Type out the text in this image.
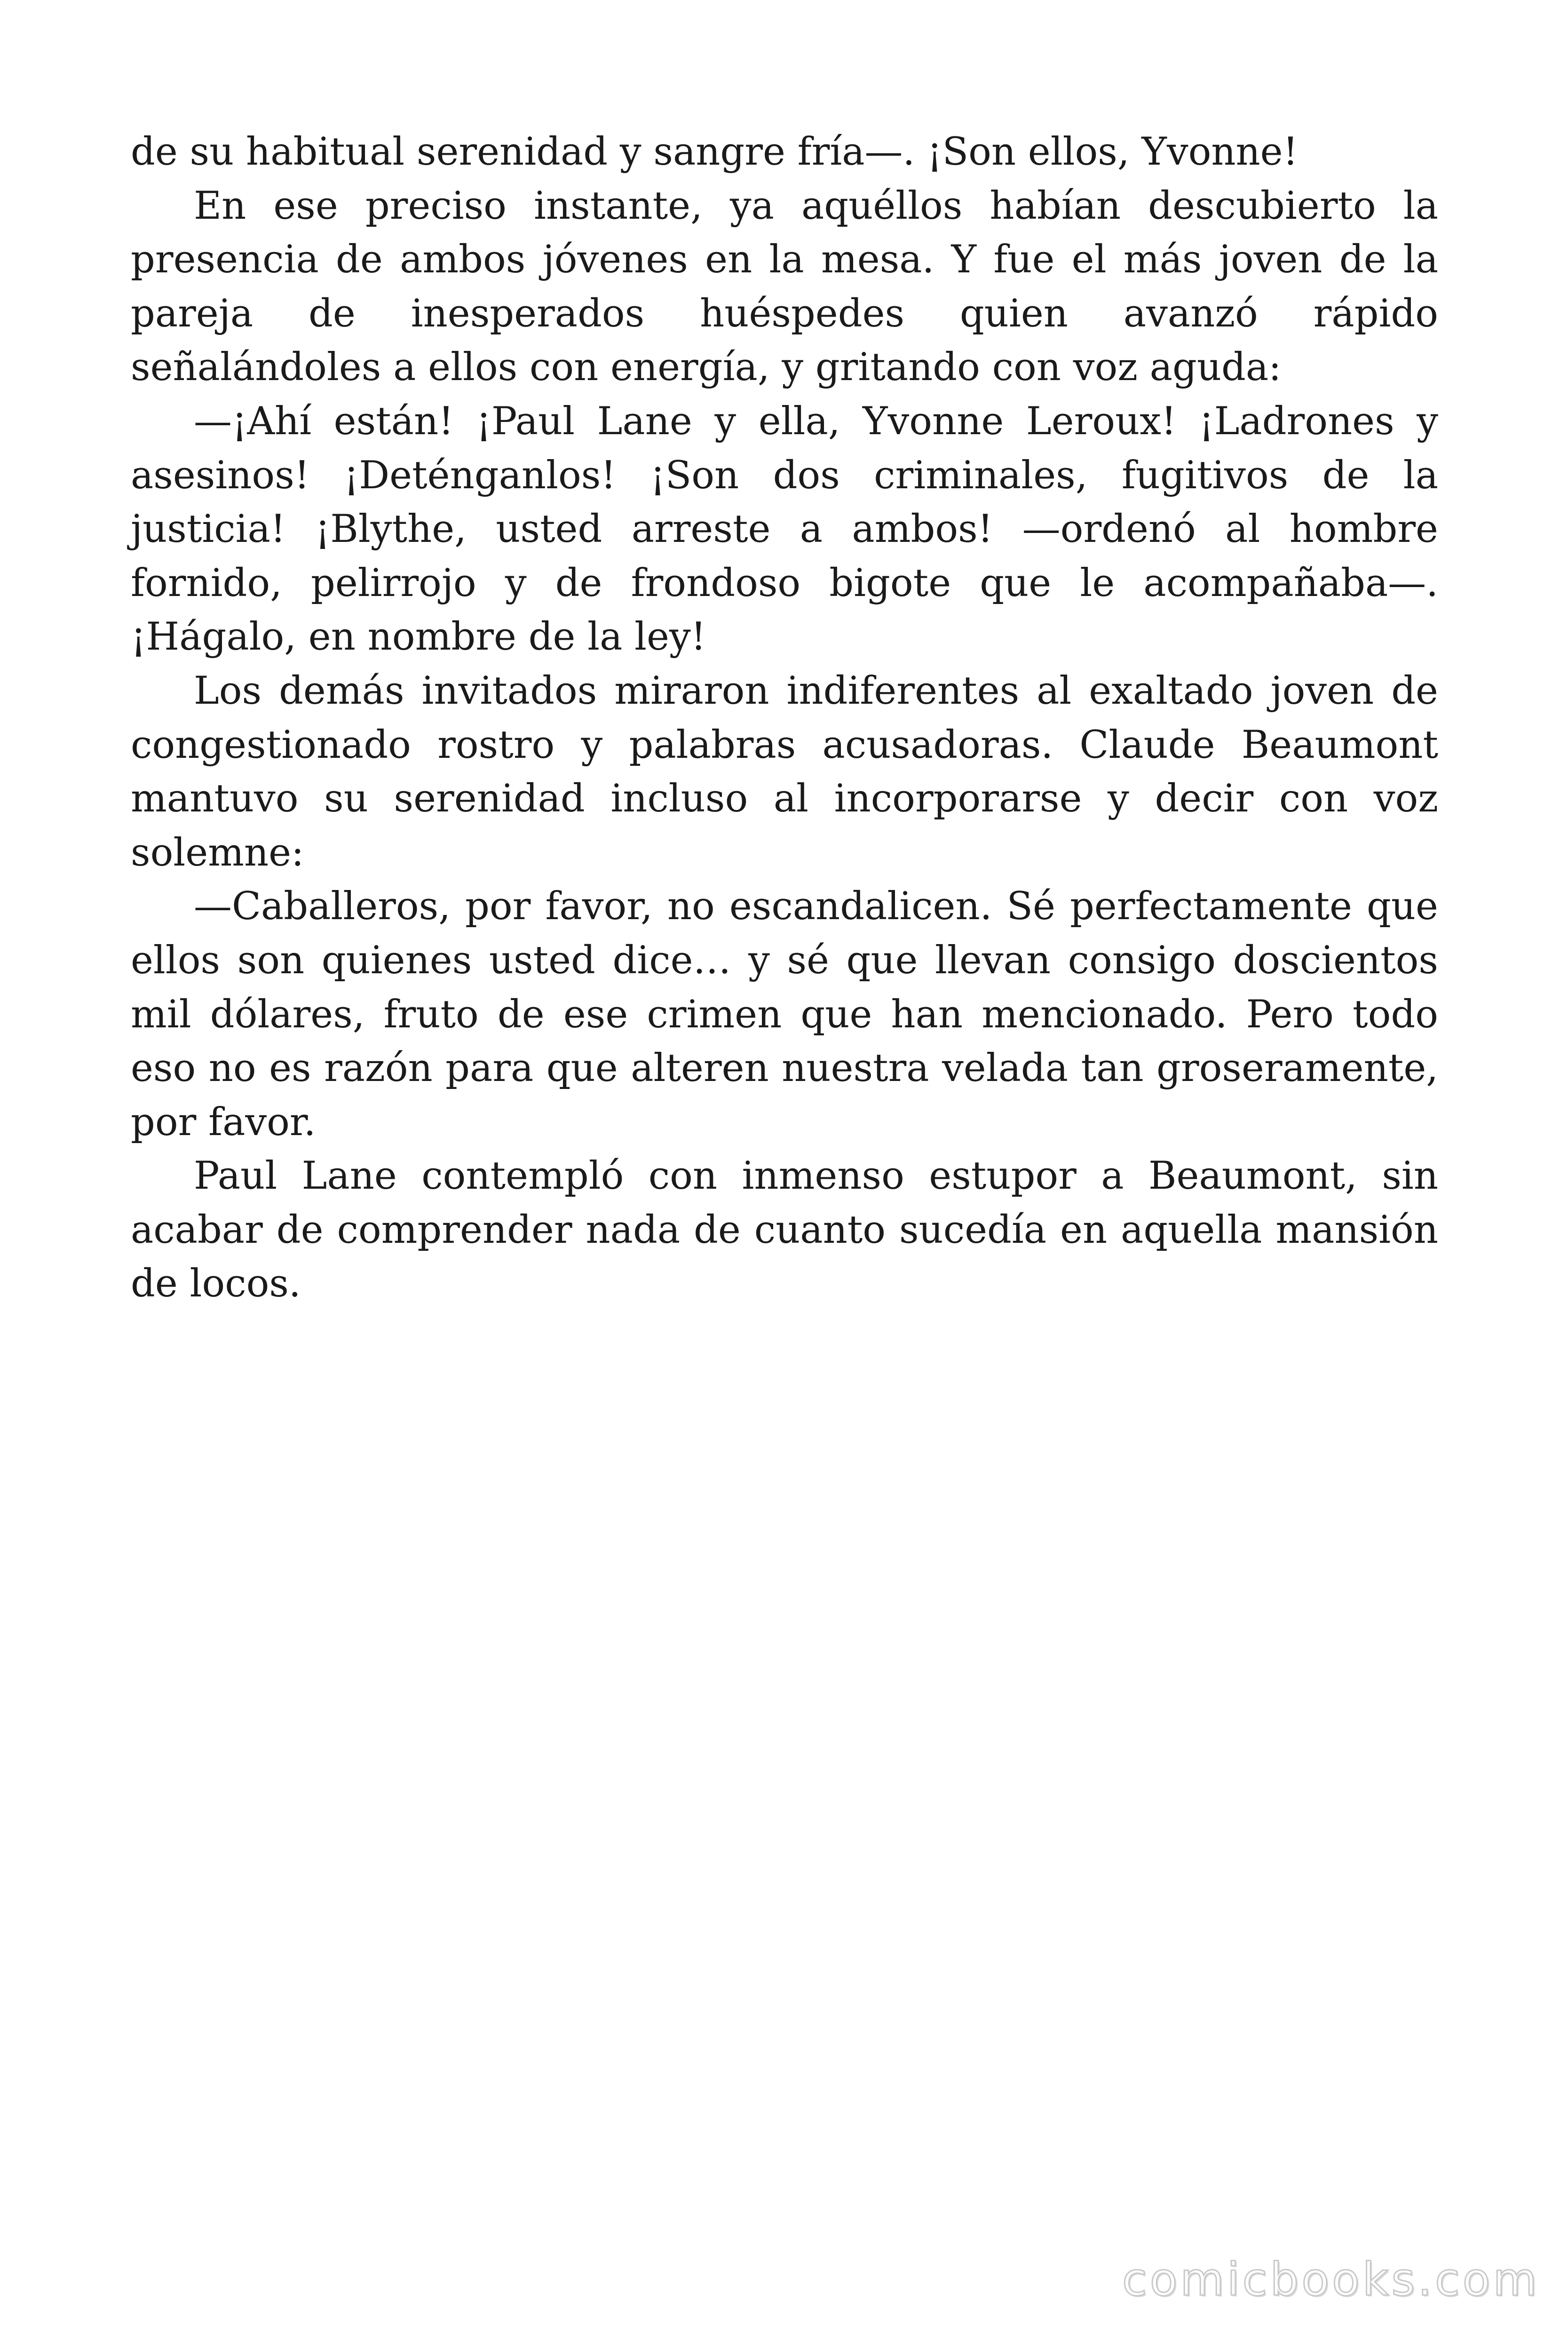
de su habitual serenidad y sangre fría—. ¡Son ellos, Yvonne!

En ese preciso instante, ya aquéllos habían descubierto la presencia de ambos jóvenes en la mesa. Y fue el más joven de la pareja de inesperados huéspedes quien avanzó rápido señalándoles a ellos con energía, y gritando con voz aguda:

—¡Ahí están! ¡Paul Lane y ella, Yvonne Leroux! ¡Ladrones y asesinos! ¡Deténganlos! ¡Son dos criminales, fugitivos de la justicia! ¡Blythe, usted arreste a ambos! —ordenó al hombre fornido, pelirrojo y de frondoso bigote que le acompañaba—. ¡Hágalo, en nombre de la ley!

Los demás invitados miraron indiferentes al exaltado joven de congestionado rostro y palabras acusadoras. Claude Beaumont mantuvo su serenidad incluso al incorporarse y decir con voz solemne:

—Caballeros, por favor, no escandalicen. Sé perfectamente que ellos son quienes usted dice… y sé que llevan consigo doscientos mil dólares, fruto de ese crimen que han mencionado. Pero todo eso no es razón para que alteren nuestra velada tan groseramente, por favor.

Paul Lane contempló con inmenso estupor a Beaumont, sin acabar de comprender nada de cuanto sucedía en aquella mansión de locos.

comicbooks.com
